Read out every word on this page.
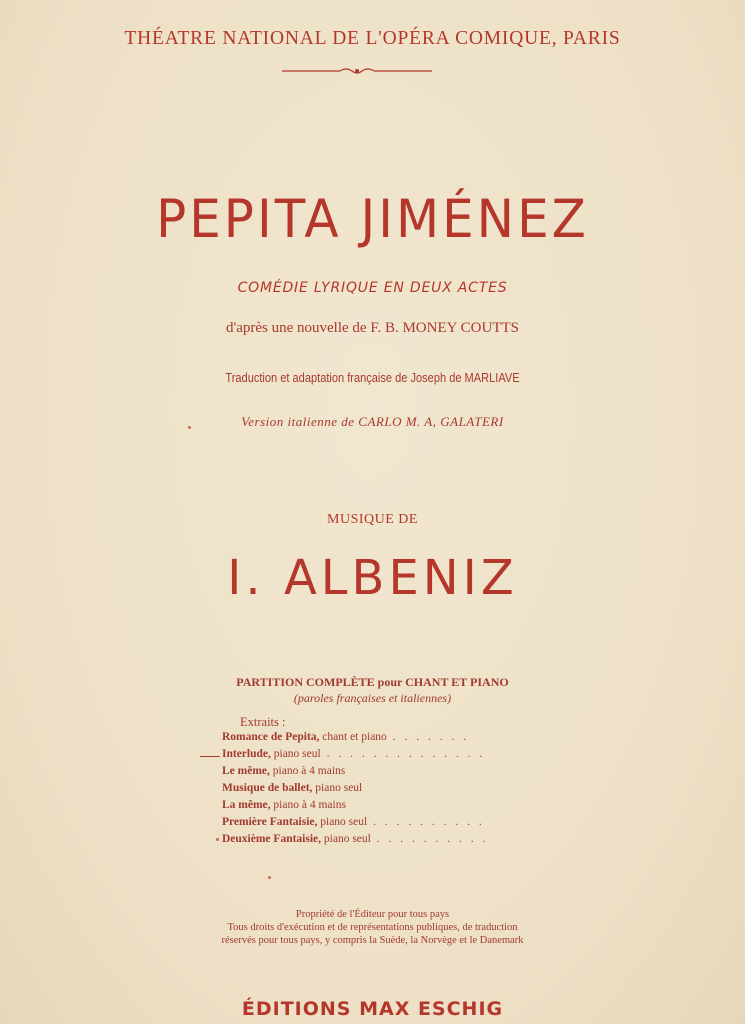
THÉATRE NATIONAL DE L'OPÉRA COMIQUE, PARIS
PEPITA JIMÉNEZ
COMÉDIE LYRIQUE EN DEUX ACTES
d'après une nouvelle de F. B. MONEY COUTTS
Traduction et adaptation française de Joseph de MARLIAVE
Version italienne de CARLO M. A, GALATERI
MUSIQUE DE
I. ALBENIZ
PARTITION COMPLÈTE pour CHANT ET PIANO
(paroles françaises et italiennes)
Extraits :
Romance de Pepita, chant et piano . . . . . . .
Interlude, piano seul . . . . . . . . . . . . . .
Le même, piano à 4 mains
Musique de ballet, piano seul
La même, piano à 4 mains
Première Fantaisie, piano seul . . . . . . . . . .
Deuxième Fantaisie, piano seul . . . . . . . . . .
Propriété de l'Éditeur pour tous pays
Tous droits d'exécution et de représentations publiques, de traduction
réservés pour tous pays, y compris la Suède, la Norvège et le Danemark
ÉDITIONS MAX ESCHIG
